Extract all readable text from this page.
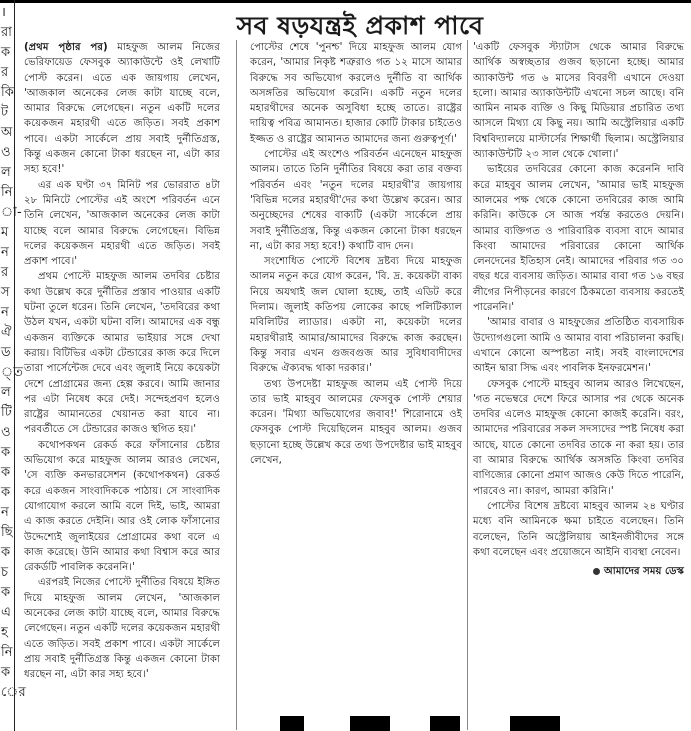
।
রা
ক
র
কি
ট
অ
ও
ল
নি
া-
ম
ন
র
স
ন
ঐ
ড
্ত
ল
টি
ও
ক
ক
ক
ন
ছি
ক
চ
ক
এ
হ
নি
ক
ের
সব ষড়যন্ত্রই প্রকাশ পাবে

(প্রথম পৃষ্ঠার পর) মাহফুজ আলম নিজের ভেরিফায়েড ফেসবুক অ্যাকাউন্টে ওই লেখাটি পোস্ট করেন। এতে এক জায়গায় লেখেন, 'আজকাল অনেকের লেজ কাটা যাচ্ছে বলে, আমার বিরুদ্ধে লেগেছেন। নতুন একটি দলের কয়েকজন মহারথী এতে জড়িত। সবই প্রকাশ পাবে। একটা সার্কেলে প্রায় সবাই দুর্নীতিগ্রস্ত, কিন্তু একজন কোনো টাকা ধরছেন না, এটা কার সহ্য হবে!'

এর এক ঘণ্টা ৩৭ মিনিট পর ভোররাত ৪টা ২৮ মিনিটে পোস্টের এই অংশে পরিবর্তন এনে তিনি লেখেন, 'আজকাল অনেকের লেজ কাটা যাচ্ছে বলে আমার বিরুদ্ধে লেগেছেন। বিভিন্ন দলের কয়েকজন মহারথী এতে জড়িত। সবই প্রকাশ পাবে।'

প্রথম পোস্টে মাহফুজ আলম তদবির চেষ্টার কথা উল্লেখ করে দুর্নীতির প্রস্তাব পাওয়ার একটি ঘটনা তুলে ধরেন। তিনি লেখেন, 'তদবিরের কথা উঠল যখন, একটা ঘটনা বলি। আমাদের এক বন্ধু একজন ব্যক্তিকে আমার ভাইয়ার সঙ্গে দেখা করায়। বিটিভির একটা টেন্ডারের কাজ করে দিলে তারা পার্সেন্টেজ দেবে এবং জুলাই নিয়ে কয়েকটা দেশে প্রোগ্রামের জন্য হেল্প করবে। আমি জানার পর এটা নিষেধ করে দেই। সন্দেহপ্রবণ হলেও রাষ্ট্রের আমানতের খেয়ানত করা যাবে না। পরবর্তীতে সে টেন্ডারের কাজও স্থগিত হয়।'

কথোপকথন রেকর্ড করে ফাঁসানোর চেষ্টার অভিযোগ করে মাহফুজ আলম আরও লেখেন, 'সে ব্যক্তি কনভারসেশন (কথোপকথন) রেকর্ড করে একজন সাংবাদিককে পাঠায়। সে সাংবাদিক যোগাযোগ করলে আমি বলে দিই, ভাই, আমরা এ কাজ করতে দেইনি। আর ওই লোক ফাঁসানোর উদ্দেশ্যেই জুলাইয়ের প্রোগ্রামের কথা বলে এ কাজ করেছে। উনি আমার কথা বিশ্বাস করে আর রেকর্ডটি পাবলিক করেননি।'

এরপরই নিজের পোস্টে দুর্নীতির বিষয়ে ইঙ্গিত দিয়ে মাহফুজ আলম লেখেন, 'আজকাল অনেকের লেজ কাটা যাচ্ছে বলে, আমার বিরুদ্ধে লেগেছেন। নতুন একটি দলের কয়েকজন মহারথী এতে জড়িত। সবই প্রকাশ পাবে। একটা সার্কেলে প্রায় সবাই দুর্নীতিগ্রস্ত কিন্তু একজন কোনো টাকা ধরছেন না, এটা কার সহ্য হবে।'

পোস্টের শেষে 'পুনশ্চ' দিয়ে মাহফুজ আলম যোগ করেন, 'আমার নিকৃষ্ট শত্রুরাও গত ১২ মাসে আমার বিরুদ্ধে সব অভিযোগ করলেও দুর্নীতি বা আর্থিক অসঙ্গতির অভিযোগ করেনি। একটি নতুন দলের মহারথীদের অনেক অসুবিধা হচ্ছে তাতে। রাষ্ট্রের দায়িত্ব পবিত্র আমানত। হাজার কোটি টাকার চাইতেও ইজ্জত ও রাষ্ট্রের আমানত আমাদের জন্য গুরুত্বপূর্ণ।'

পোস্টের এই অংশেও পরিবর্তন এনেছেন মাহফুজ আলম। তাতে তিনি দুর্নীতির বিষয়ে করা তার বক্তব্য পরিবর্তন এবং 'নতুন দলের মহারথী'র জায়গায় 'বিভিন্ন দলের মহারথী'দের কথা উল্লেখ করেন। আর অনুচ্ছেদের শেষের বাক্যটি (একটা সার্কেলে প্রায় সবাই দুর্নীতিগ্রস্ত, কিন্তু একজন কোনো টাকা ধরছেন না, এটা কার সহ্য হবে!) কথাটি বাদ দেন।

সংশোধিত পোস্টে বিশেষ দ্রষ্টব্য দিয়ে মাহফুজ আলম নতুন করে যোগ করেন, 'বি. দ্র. কয়েকটা বাক্য নিয়ে অযথাই জল ঘোলা হচ্ছে, তাই এডিট করে দিলাম। জুলাই কতিপয় লোকের কাছে পলিটিক্যাল মবিলিটির ল্যাডার। একটা না, কয়েকটা দলের মহারথীরাই আমার/আমাদের বিরুদ্ধে কাজ করছেন। কিন্তু সবার এখন গুজবগুজ আর সুবিধাবাদীদের বিরুদ্ধে ঐক্যবদ্ধ থাকা দরকার।'

তথ্য উপদেষ্টা মাহফুজ আলম এই পোস্ট দিয়ে তার ভাই মাহবুব আলমের ফেসবুক পোস্ট শেয়ার করেন। 'মিথ্যা অভিযোগের জবাব!' শিরোনামে ওই ফেসবুক পোস্ট দিয়েছিলেন মাহবুব আলম। গুজব ছড়ানো হচ্ছে উল্লেখ করে তথ্য উপদেষ্টার ভাই মাহবুব লেখেন,

'একটি ফেসবুক স্ট্যাটাস থেকে আমার বিরুদ্ধে আর্থিক অস্বচ্ছতার গুজব ছড়ানো হচ্ছে। আমার অ্যাকাউন্ট গত ৬ মাসের বিবরণী এখানে দেওয়া হলো। আমার অ্যাকাউন্টটি এখনো সচল আছে। বনি আমিন নামক ব্যক্তি ও কিছু মিডিয়ার প্রচারিত তথ্য আসলে মিথ্যা যে কিছু নয়। আমি অস্ট্রেলিয়ার একটি বিশ্ববিদ্যালয়ে মাস্টার্সের শিক্ষার্থী ছিলাম। অস্ট্রেলিয়ার অ্যাকাউন্টটি ২৩ সাল থেকে খোলা।'

ভাইয়ের তদবিরের কোনো কাজ করেননি দাবি করে মাহবুব আলম লেখেন, 'আমার ভাই মাহফুজ আলমের পক্ষ থেকে কোনো তদবিরের কাজ আমি করিনি। কাউকে সে আজ পর্যন্ত করতেও দেয়নি। আমার ব্যক্তিগত ও পারিবারিক ব্যবসা বাদে আমার কিংবা আমাদের পরিবারের কোনো আর্থিক লেনদেনের ইতিহাস নেই। আমাদের পরিবার গত ৩০ বছর ধরে ব্যবসায় জড়িত। আমার বাবা গত ১৬ বছর লীগের নিপীড়নের কারণে ঠিকমতো ব্যবসায় করতেই পারেননি।'

'আমার বাবার ও মাহফুজের প্রতিষ্ঠিত ব্যবসায়িক উদ্যোগগুলো আমি ও আমার বাবা পরিচালনা করছি। এখানে কোনো অস্পষ্টতা নাই। সবই বাংলাদেশের আইন দ্বারা সিদ্ধ এবং পাবলিক ইনফরমেশন।'

ফেসবুক পোস্টে মাহবুব আলম আরও লিখেছেন, 'গত নভেম্বরে দেশে ফিরে আসার পর থেকে অনেক তদবির এলেও মাহফুজ কোনো কাজই করেনি। বরং, আমাদের পরিবারের সকল সদস্যদের স্পষ্ট নিষেধ করা আছে, যাতে কোনো তদবির তাকে না করা হয়। তার বা আমার বিরুদ্ধে আর্থিক অসঙ্গতি কিংবা তদবির বাণিজ্যের কোনো প্রমাণ আজও কেউ দিতে পারেনি, পারবেও না। কারণ, আমরা করিনি।'

পোস্টের বিশেষ দ্রষ্টব্যে মাহবুব আলম ২৪ ঘণ্টার মধ্যে বনি আমিনকে ক্ষমা চাইতে বলেছেন। তিনি বলেছেন, তিনি অস্ট্রেলিয়ায় আইনজীবীদের সঙ্গে কথা বলেছেন এবং প্রয়োজনে আইনি ব্যবস্থা নেবেন।

আমাদের সময় ডেস্ক
